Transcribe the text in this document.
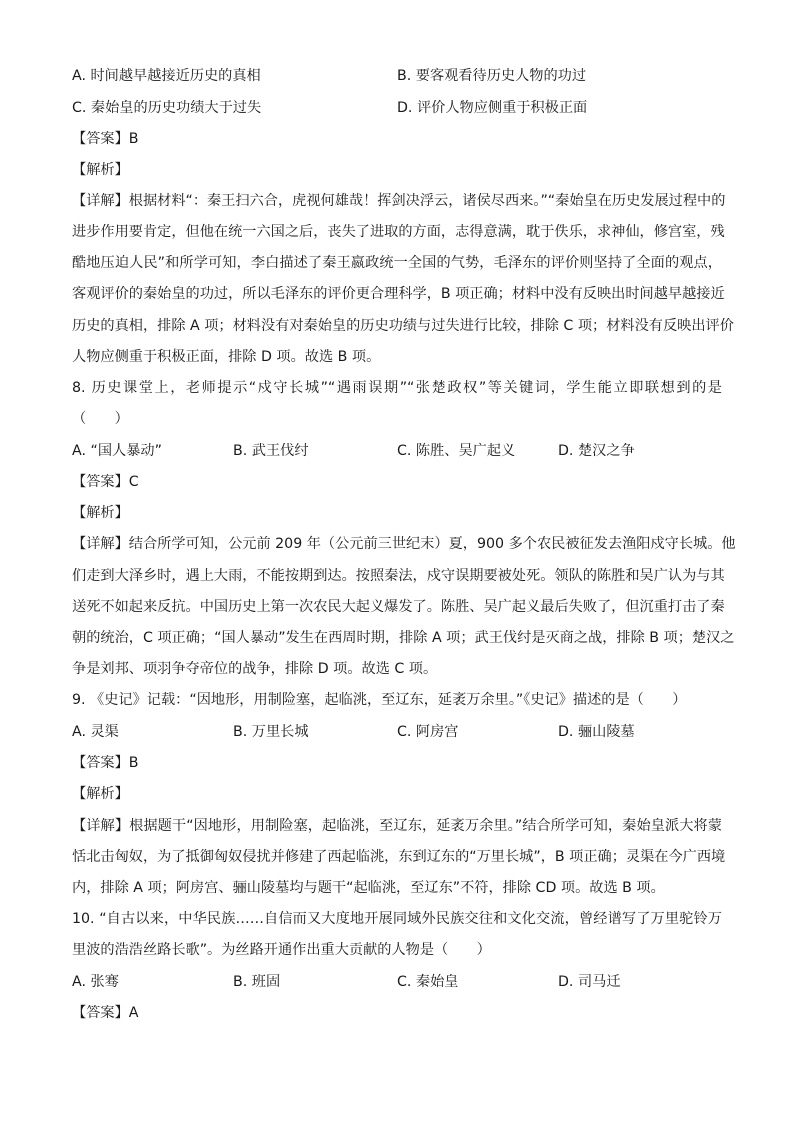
A. 时间越早越接近历史的真相	B. 要客观看待历史人物的功过
C. 秦始皇的历史功绩大于过失	D. 评价人物应侧重于积极正面
【答案】B
【解析】
【详解】根据材料“：秦王扫六合，虎视何雄哉！挥剑决浮云，诸侯尽西来。”“秦始皇在历史发展过程中的
进步作用要肯定，但他在统一六国之后，丧失了进取的方面，志得意满，耽于佚乐，求神仙，修宫室，残
酷地压迫人民”和所学可知，李白描述了秦王嬴政统一全国的气势，毛泽东的评价则坚持了全面的观点，
客观评价的秦始皇的功过，所以毛泽东的评价更合理科学，B 项正确；材料中没有反映出时间越早越接近
历史的真相，排除 A 项；材料没有对秦始皇的历史功绩与过失进行比较，排除 C 项；材料没有反映出评价
人物应侧重于积极正面，排除 D 项。故选 B 项。
8. 历史课堂上，老师提示“戍守长城”“遇雨误期”“张楚政权”等关键词，学生能立即联想到的是
（　　）
A. “国人暴动”	B. 武王伐纣	C. 陈胜、吴广起义	D. 楚汉之争
【答案】C
【解析】
【详解】结合所学可知，公元前 209 年（公元前三世纪末）夏，900 多个农民被征发去渔阳戍守长城。他
们走到大泽乡时，遇上大雨，不能按期到达。按照秦法，戍守误期要被处死。领队的陈胜和吴广认为与其
送死不如起来反抗。中国历史上第一次农民大起义爆发了。陈胜、吴广起义最后失败了，但沉重打击了秦
朝的统治，C 项正确；“国人暴动”发生在西周时期，排除 A 项；武王伐纣是灭商之战，排除 B 项；楚汉之
争是刘邦、项羽争夺帝位的战争，排除 D 项。故选 C 项。
9. 《史记》记载：“因地形，用制险塞，起临洮，至辽东，延袤万余里。”《史记》描述的是（　　）
A. 灵渠	B. 万里长城	C. 阿房宫	D. 骊山陵墓
【答案】B
【解析】
【详解】根据题干“因地形，用制险塞，起临洮，至辽东，延袤万余里。”结合所学可知，秦始皇派大将蒙
恬北击匈奴，为了抵御匈奴侵扰并修建了西起临洮，东到辽东的“万里长城”，B 项正确；灵渠在今广西境
内，排除 A 项；阿房宫、骊山陵墓均与题干“起临洮，至辽东”不符，排除 CD 项。故选 B 项。
10. “自古以来，中华民族……自信而又大度地开展同域外民族交往和文化交流，曾经谱写了万里驼铃万
里波的浩浩丝路长歌”。为丝路开通作出重大贡献的人物是（　　）
A. 张骞	B. 班固	C. 秦始皇	D. 司马迁
【答案】A
